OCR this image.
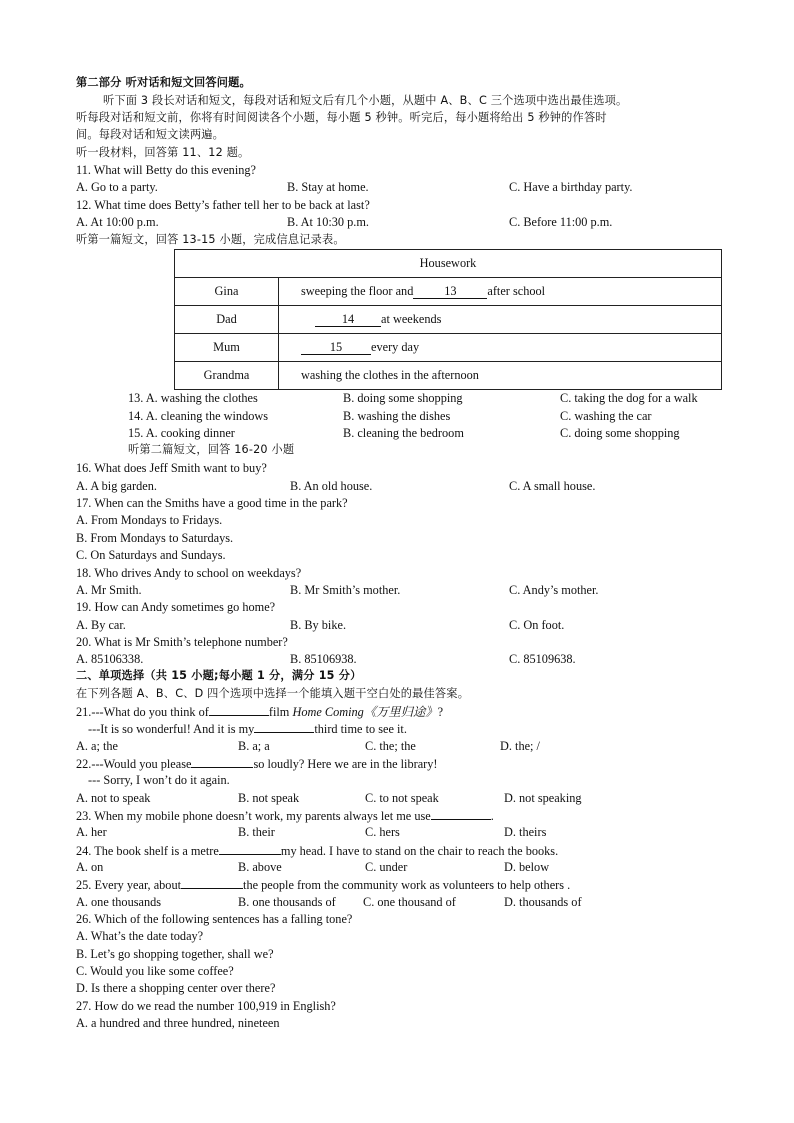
第二部分 听对话和短文回答问题。
听下面 3 段长对话和短文，每段对话和短文后有几个小题，从题中 A、B、C 三个选项中选出最佳选项。
听每段对话和短文前，你将有时间阅读各个小题，每小题 5 秒钟。听完后，每小题将给出 5 秒钟的作答时
间。每段对话和短文读两遍。
听一段材料，回答第 11、12 题。
11. What will Betty do this evening?
A. Go to a party.	B. Stay at home.	C. Have a birthday party.
12. What time does Betty’s father tell her to be back at last?
A. At 10:00 p.m.	B. At 10:30 p.m.	C. Before 11:00 p.m.
听第一篇短文，回答 13-15 小题，完成信息记录表。
Housework	
Gina	sweeping the floor and 13 after school
Dad	14 at weekends
Mum	15 every day
Grandma	washing the clothes in the afternoon
13. A. washing the clothes	B. doing some shopping	C. taking the dog for a walk
14. A. cleaning the windows	B. washing the dishes	C. washing the car
15. A. cooking dinner	B. cleaning the bedroom	C. doing some shopping
听第二篇短文，回答 16-20 小题
16. What does Jeff Smith want to buy?
A. A big garden.	B. An old house.	C. A small house.
17. When can the Smiths have a good time in the park?
A. From Mondays to Fridays.
B. From Mondays to Saturdays.
C. On Saturdays and Sundays.
18. Who drives Andy to school on weekdays?
A. Mr Smith.	B. Mr Smith’s mother.	C. Andy’s mother.
19. How can Andy sometimes go home?
A. By car.	B. By bike.	C. On foot.
20. What is Mr Smith’s telephone number?
A. 85106338.	B. 85106938.	C. 85109638.
二、单项选择（共 15 小题;每小题 1 分，满分 15 分）
在下列各题 A、B、C、D 四个选项中选择一个能填入题干空白处的最佳答案。
21.---What do you think of	film Home Coming《万里归途》?
---It is so wonderful! And it is my	third time to see it.
A. a; the	B. a; a	C. the; the	D. the; /
22.---Would you please	so loudly? Here we are in the library!
--- Sorry, I won’t do it again.
A. not to speak	B. not speak	C. to not speak	D. not speaking
23. When my mobile phone doesn’t work, my parents always let me use	.
A. her	B. their	C. hers	D. theirs
24. The book shelf is a metre	my head. I have to stand on the chair to reach the books.
A. on	B. above	C. under	D. below
25. Every year, about	the people from the community work as volunteers to help others .
A. one thousands	B. one thousands of C. one thousand of	D. thousands of
26. Which of the following sentences has a falling tone?
A. What’s the date today?
B. Let’s go shopping together, shall we?
C. Would you like some coffee?
D. Is there a shopping center over there?
27. How do we read the number 100,919 in English?
A. a hundred and three hundred, nineteen
